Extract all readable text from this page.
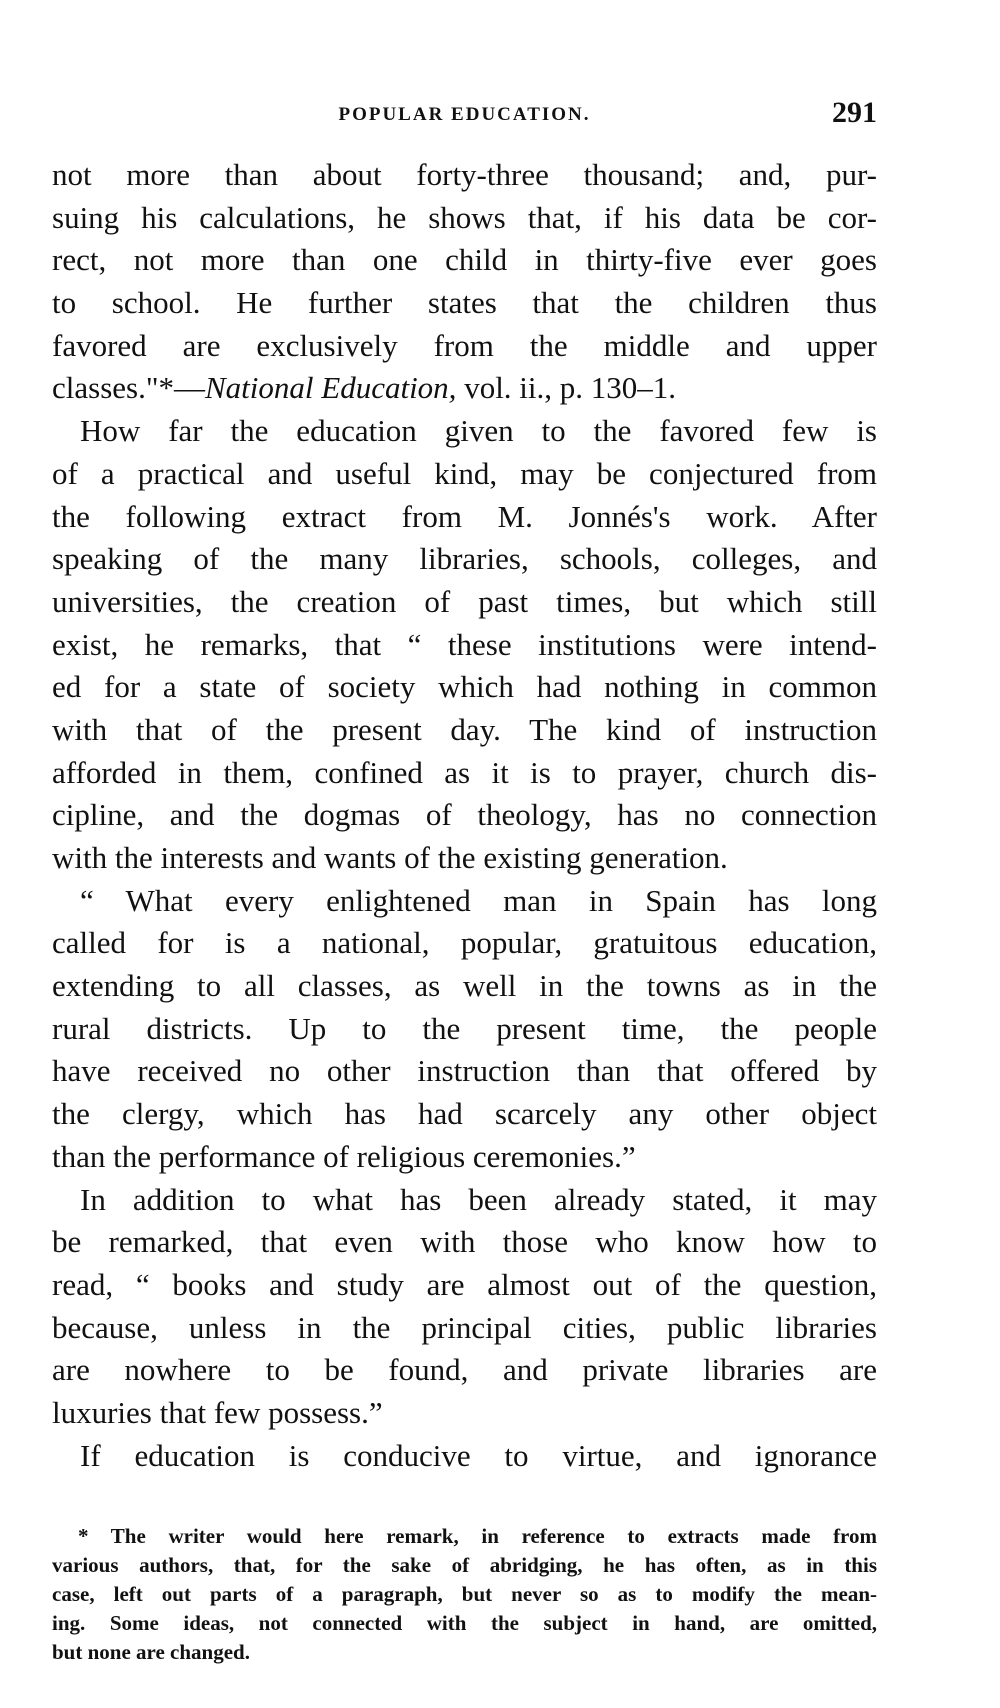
POPULAR EDUCATION.	291
not more than about forty-three thousand; and, pur-
suing his calculations, he shows that, if his data be cor-
rect, not more than one child in thirty-five ever goes
to school. He further states that the children thus
favored are exclusively from the middle and upper
classes."*—National Education, vol. ii., p. 130–1.
How far the education given to the favored few is
of a practical and useful kind, may be conjectured from
the following extract from M. Jonnés's work. After
speaking of the many libraries, schools, colleges, and
universities, the creation of past times, but which still
exist, he remarks, that “ these institutions were intend-
ed for a state of society which had nothing in common
with that of the present day. The kind of instruction
afforded in them, confined as it is to prayer, church dis-
cipline, and the dogmas of theology, has no connection
with the interests and wants of the existing generation.
“ What every enlightened man in Spain has long
called for is a national, popular, gratuitous education,
extending to all classes, as well in the towns as in the
rural districts. Up to the present time, the people
have received no other instruction than that offered by
the clergy, which has had scarcely any other object
than the performance of religious ceremonies.”
In addition to what has been already stated, it may
be remarked, that even with those who know how to
read, “ books and study are almost out of the question,
because, unless in the principal cities, public libraries
are nowhere to be found, and private libraries are
luxuries that few possess.”
If education is conducive to virtue, and ignorance
* The writer would here remark, in reference to extracts made from
various authors, that, for the sake of abridging, he has often, as in this
case, left out parts of a paragraph, but never so as to modify the mean-
ing. Some ideas, not connected with the subject in hand, are omitted,
but none are changed.
